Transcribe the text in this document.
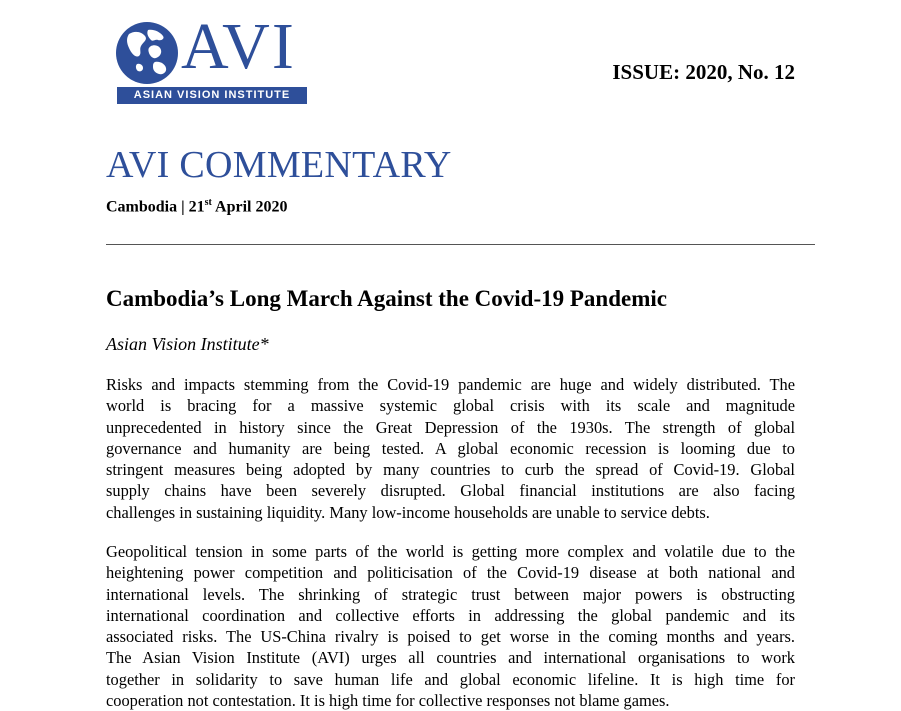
AVI
ASIAN VISION INSTITUTE
ISSUE: 2020, No. 12
AVI COMMENTARY
Cambodia | 21st April 2020
Cambodia’s Long March Against the Covid-19 Pandemic
Asian Vision Institute*
Risks and impacts stemming from the Covid-19 pandemic are huge and widely distributed. The
world is bracing for a massive systemic global crisis with its scale and magnitude
unprecedented in history since the Great Depression of the 1930s. The strength of global
governance and humanity are being tested. A global economic recession is looming due to
stringent measures being adopted by many countries to curb the spread of Covid-19. Global
supply chains have been severely disrupted. Global financial institutions are also facing
challenges in sustaining liquidity. Many low-income households are unable to service debts.
Geopolitical tension in some parts of the world is getting more complex and volatile due to the
heightening power competition and politicisation of the Covid-19 disease at both national and
international levels. The shrinking of strategic trust between major powers is obstructing
international coordination and collective efforts in addressing the global pandemic and its
associated risks. The US-China rivalry is poised to get worse in the coming months and years.
The Asian Vision Institute (AVI) urges all countries and international organisations to work
together in solidarity to save human life and global economic lifeline. It is high time for
cooperation not contestation. It is high time for collective responses not blame games.
